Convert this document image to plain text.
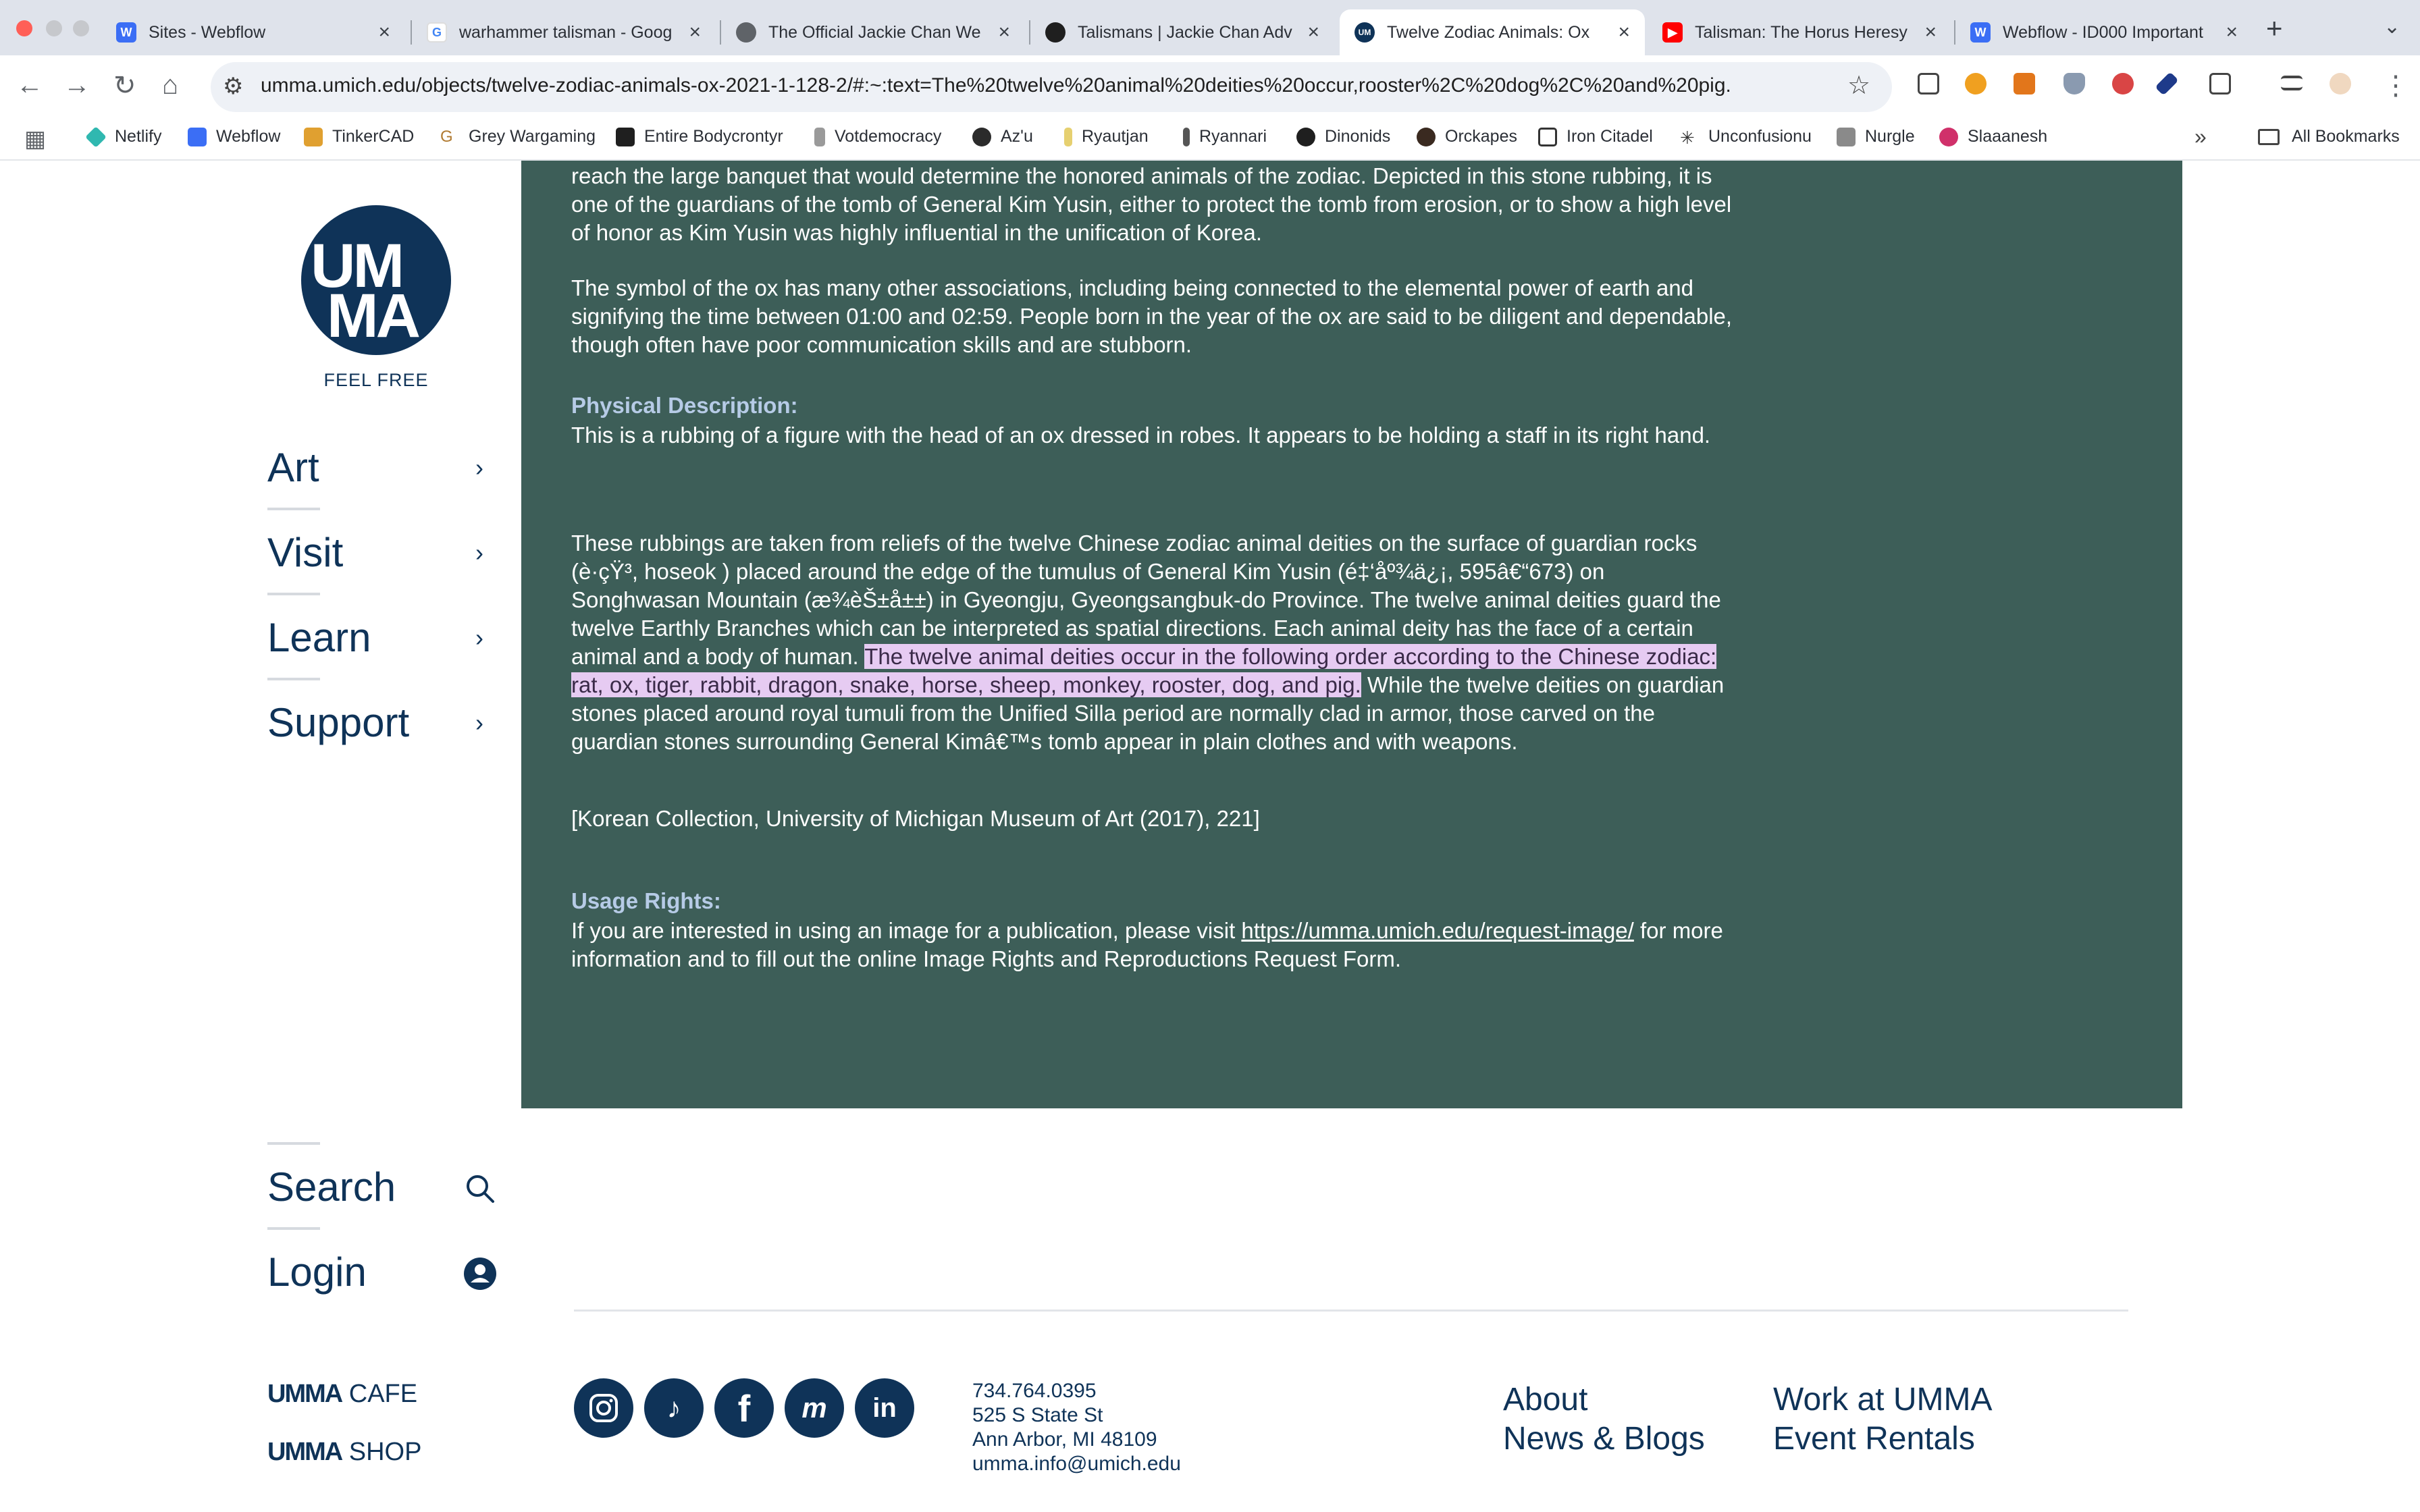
W Sites - Webflow	×	G	warhammer talisman - Goog ×	The Official Jackie Chan We ×	Talismans | Jackie Chan Adv ×	UM Twelve Zodiac Animals: Ox	×	▶	Talisman: The Horus Heresy ×	W Webflow - ID000 Important	× +	⌄
← → ↻ ⌂ ⚙ umma.umich.edu/objects/twelve-zodiac-animals-ox-2021-1-128-2/#:~:text=The%20twelve%20animal%20deities%20occur,rooster%2C%20dog%2C%20and%20pig.	☆	⋮
▦	Netlify	Webflow	TinkerCAD G Grey Wargaming	Entire Bodycrontyr	Votdemocracy	Az'u	Ryautjan	Ryannari	Dinonids	Orckapes	Iron Citadel ✳ Unconfusionu	Nurgle	Slaaanesh	»	All Bookmarks
UM
MA
FEEL FREE
Art	›
Visit	›
Learn	›
Support	›
reach the large banquet that would determine the honored animals of the zodiac. Depicted in this stone rubbing, it is one of the guardians of the tomb of General Kim Yusin, either to protect the tomb from erosion, or to show a high level of honor as Kim Yusin was highly influential in the unification of Korea.
The symbol of the ox has many other associations, including being connected to the elemental power of earth and signifying the time between 01:00 and 02:59. People born in the year of the ox are said to be diligent and dependable, though often have poor communication skills and are stubborn.
Physical Description:
This is a rubbing of a figure with the head of an ox dressed in robes. It appears to be holding a staff in its right hand.
These rubbings are taken from reliefs of the twelve Chinese zodiac animal deities on the surface of guardian rocks (è·çŸ³, hoseok ) placed around the edge of the tumulus of General Kim Yusin (é‡‘åº¾ä¿¡, 595â€“673) on Songhwasan Mountain (æ¾èŠ±å±±) in Gyeongju, Gyeongsangbuk-do Province. The twelve animal deities guard the twelve Earthly Branches which can be interpreted as spatial directions. Each animal deity has the face of a certain animal and a body of human. The twelve animal deities occur in the following order according to the Chinese zodiac: rat, ox, tiger, rabbit, dragon, snake, horse, sheep, monkey, rooster, dog, and pig. While the twelve deities on guardian stones placed around royal tumuli from the Unified Silla period are normally clad in armor, those carved on the guardian stones surrounding General Kimâ€™s tomb appear in plain clothes and with weapons.
[Korean Collection, University of Michigan Museum of Art (2017), 221]
Usage Rights:
If you are interested in using an image for a publication, please visit https://umma.umich.edu/request-image/ for more information and to fill out the online Image Rights and Reproductions Request Form.
Search
Login
UMMA CAFE
UMMA SHOP
♪	f	m	in
734.764.0395
525 S State St
Ann Arbor, MI 48109
umma.info@umich.edu
About
News & Blogs
Work at UMMA
Event Rentals
